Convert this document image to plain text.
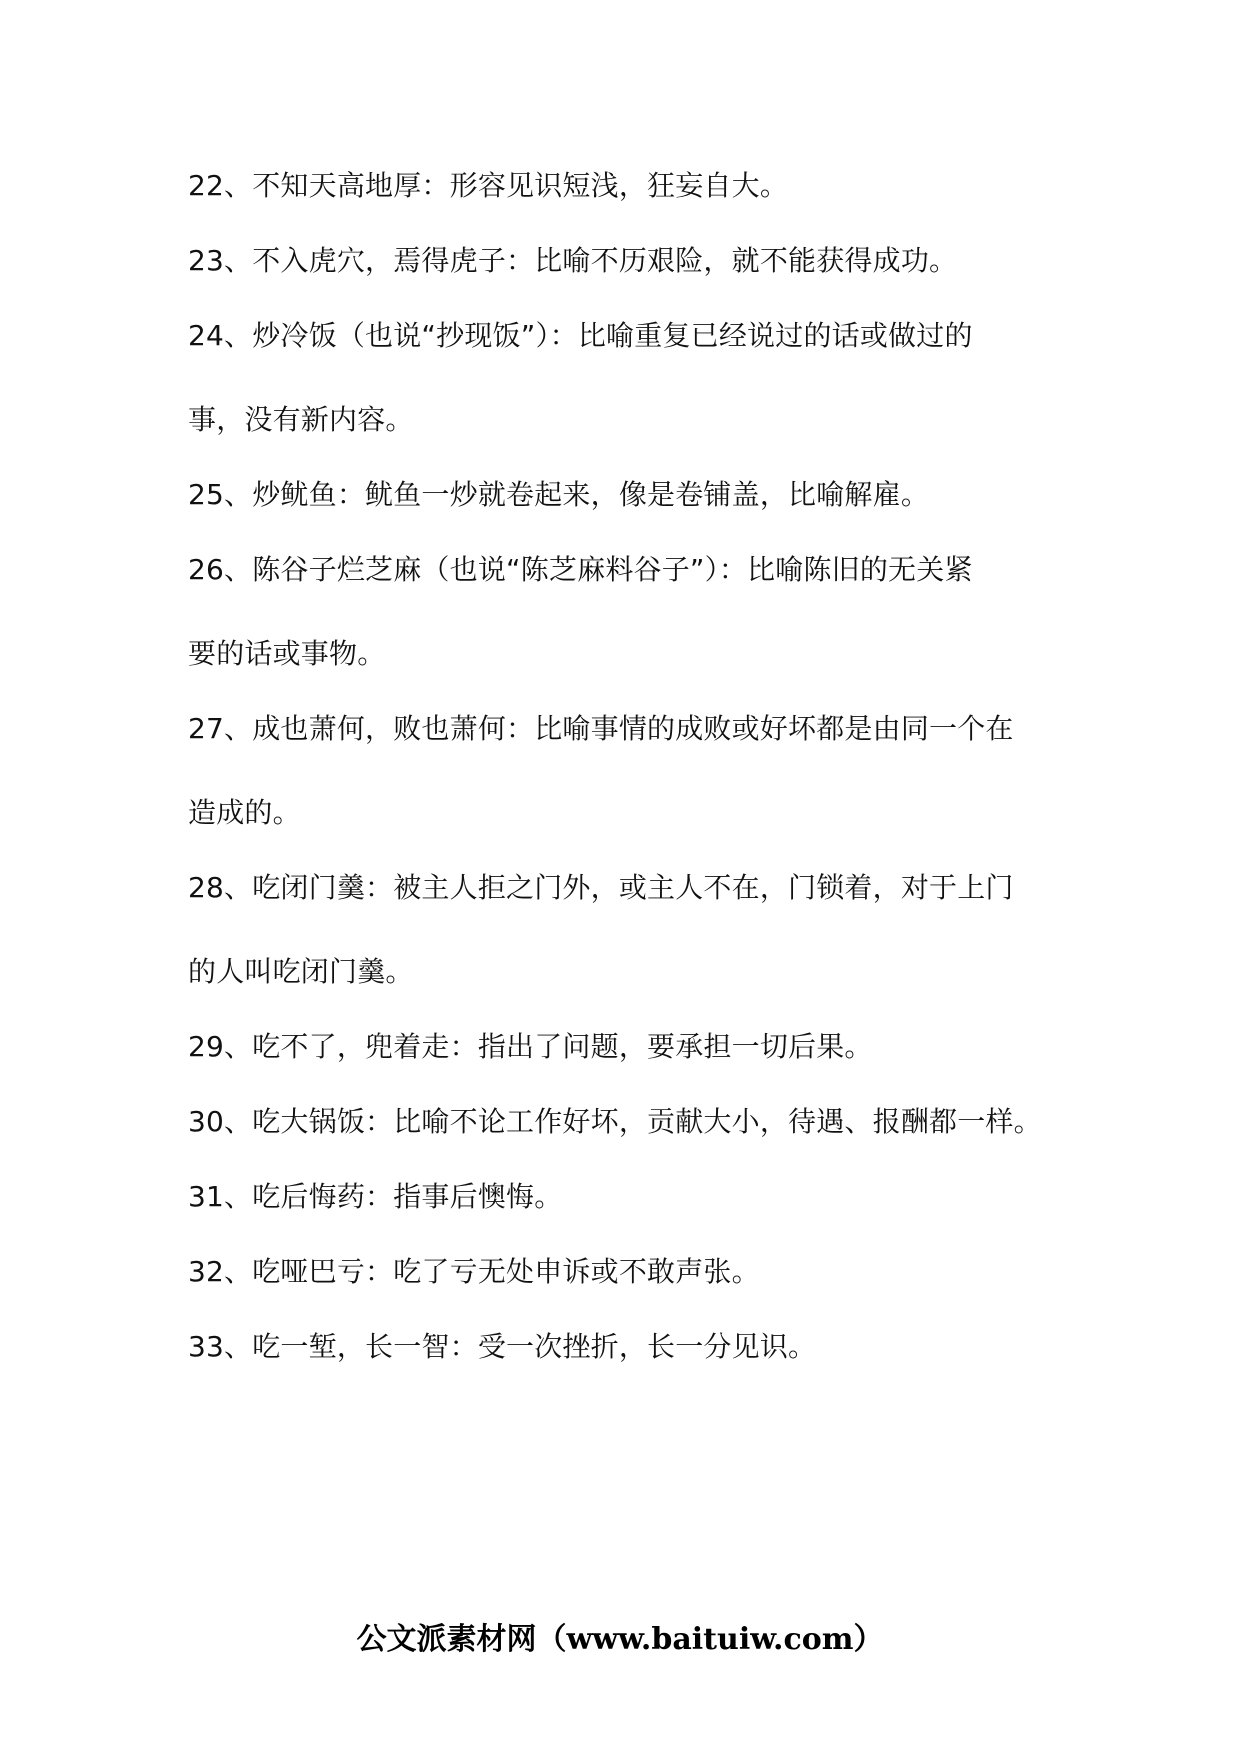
22、不知天高地厚：形容见识短浅，狂妄自大。
23、不入虎穴，焉得虎子：比喻不历艰险，就不能获得成功。
24、炒冷饭（也说“抄现饭”）：比喻重复已经说过的话或做过的
事，没有新内容。
25、炒鱿鱼：鱿鱼一炒就卷起来，像是卷铺盖，比喻解雇。
26、陈谷子烂芝麻（也说“陈芝麻料谷子”）：比喻陈旧的无关紧
要的话或事物。
27、成也萧何，败也萧何：比喻事情的成败或好坏都是由同一个在
造成的。
28、吃闭门羹：被主人拒之门外，或主人不在，门锁着，对于上门
的人叫吃闭门羹。
29、吃不了，兜着走：指出了问题，要承担一切后果。
30、吃大锅饭：比喻不论工作好坏，贡献大小，待遇、报酬都一样。
31、吃后悔药：指事后懊悔。
32、吃哑巴亏：吃了亏无处申诉或不敢声张。
33、吃一堑，长一智：受一次挫折，长一分见识。
公文派素材网（www.baituiw.com）
